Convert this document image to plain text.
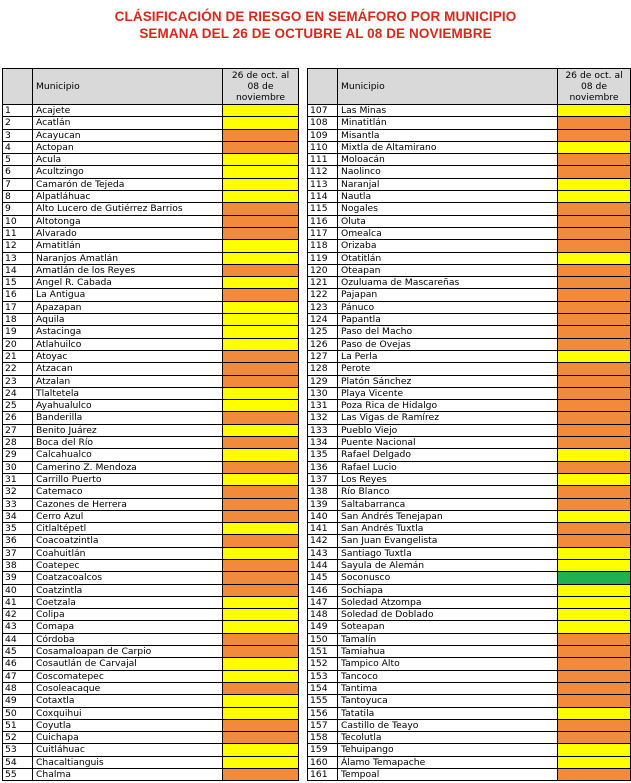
CLÁSIFICACIÓN DE RIESGO EN SEMÁFORO POR MUNICIPIO
SEMANA DEL 26 DE OCTUBRE AL 08 DE NOVIEMBRE
	Municipio	26 de oct. al 08 de noviembre
1	Acajete	
2	Acatlán	
3	Acayucan	
4	Actopan	
5	Acula	
6	Acultzingo	
7	Camarón de Tejeda	
8	Alpatláhuac	
9	Alto Lucero de Gutiérrez Barrios	
10	Altotonga	
11	Alvarado	
12	Amatitlán	
13	Naranjos Amatlán	
14	Amatlán de los Reyes	
15	Angel R. Cabada	
16	La Antigua	
17	Apazapan	
18	Aquila	
19	Astacinga	
20	Atlahuilco	
21	Atoyac	
22	Atzacan	
23	Atzalan	
24	Tlaltetela	
25	Ayahualulco	
26	Banderilla	
27	Benito Juárez	
28	Boca del Río	
29	Calcahualco	
30	Camerino Z. Mendoza	
31	Carrillo Puerto	
32	Catemaco	
33	Cazones de Herrera	
34	Cerro Azul	
35	Citlaltépetl	
36	Coacoatzintla	
37	Coahuitlán	
38	Coatepec	
39	Coatzacoalcos	
40	Coatzintla	
41	Coetzala	
42	Colipa	
43	Comapa	
44	Córdoba	
45	Cosamaloapan de Carpio	
46	Cosautlán de Carvajal	
47	Coscomatepec	
48	Cosoleacaque	
49	Cotaxtla	
50	Coxquihui	
51	Coyutla	
52	Cuichapa	
53	Cuitláhuac	
54	Chacaltianguis	
55	Chalma	
	Municipio	26 de oct. al 08 de noviembre
107	Las Minas	
108	Minatitlán	
109	Misantla	
110	Mixtla de Altamirano	
111	Moloacán	
112	Naolinco	
113	Naranjal	
114	Nautla	
115	Nogales	
116	Oluta	
117	Omealca	
118	Orizaba	
119	Otatitlán	
120	Oteapan	
121	Ozuluama de Mascareñas	
122	Pajapan	
123	Pánuco	
124	Papantla	
125	Paso del Macho	
126	Paso de Ovejas	
127	La Perla	
128	Perote	
129	Platón Sánchez	
130	Playa Vicente	
131	Poza Rica de Hidalgo	
132	Las Vigas de Ramírez	
133	Pueblo Viejo	
134	Puente Nacional	
135	Rafael Delgado	
136	Rafael Lucio	
137	Los Reyes	
138	Río Blanco	
139	Saltabarranca	
140	San Andrés Tenejapan	
141	San Andrés Tuxtla	
142	San Juan Evangelista	
143	Santiago Tuxtla	
144	Sayula de Alemán	
145	Soconusco	
146	Sochiapa	
147	Soledad Atzompa	
148	Soledad de Doblado	
149	Soteapan	
150	Tamalín	
151	Tamiahua	
152	Tampico Alto	
153	Tancoco	
154	Tantima	
155	Tantoyuca	
156	Tatatila	
157	Castillo de Teayo	
158	Tecolutla	
159	Tehuipango	
160	Álamo Temapache	
161	Tempoal	
